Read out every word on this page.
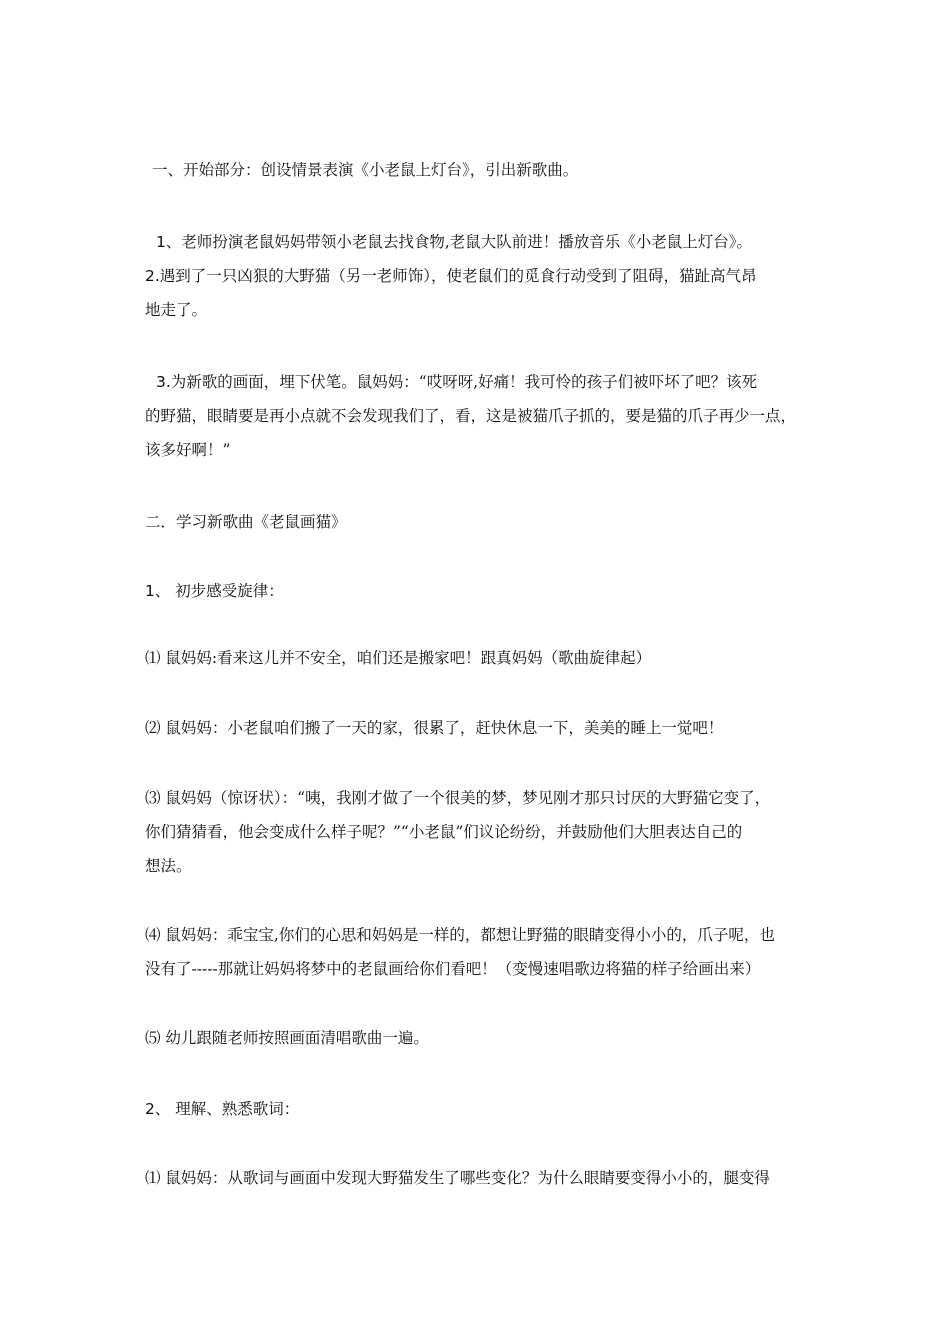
一、开始部分：创设情景表演《小老鼠上灯台》，引出新歌曲。

1、老师扮演老鼠妈妈带领小老鼠去找食物,老鼠大队前进！播放音乐《小老鼠上灯台》。

2.遇到了一只凶狠的大野猫（另一老师饰），使老鼠们的觅食行动受到了阻碍，猫趾高气昂
地走了。

3.为新歌的画面，埋下伏笔。鼠妈妈：“哎呀呀,好痛！我可怜的孩子们被吓坏了吧？该死

的野猫，眼睛要是再小点就不会发现我们了，看，这是被猫爪子抓的，要是猫的爪子再少一点，
该多好啊！”

二．学习新歌曲《老鼠画猫》

1、 初步感受旋律：

⑴ 鼠妈妈:看来这儿并不安全，咱们还是搬家吧！跟真妈妈（歌曲旋律起）

⑵ 鼠妈妈：小老鼠咱们搬了一天的家，很累了，赶快休息一下，美美的睡上一觉吧！

⑶ 鼠妈妈（惊讶状）：“咦，我刚才做了一个很美的梦，梦见刚才那只讨厌的大野猫它变了，
你们猜猜看，他会变成什么样子呢？”“小老鼠”们议论纷纷，并鼓励他们大胆表达自己的
想法。

⑷ 鼠妈妈：乖宝宝,你们的心思和妈妈是一样的，都想让野猫的眼睛变得小小的，爪子呢，也
没有了-----那就让妈妈将梦中的老鼠画给你们看吧！（变慢速唱歌边将猫的样子给画出来）

⑸ 幼儿跟随老师按照画面清唱歌曲一遍。

2、 理解、熟悉歌词：

⑴ 鼠妈妈：从歌词与画面中发现大野猫发生了哪些变化？为什么眼睛要变得小小的，腿变得
